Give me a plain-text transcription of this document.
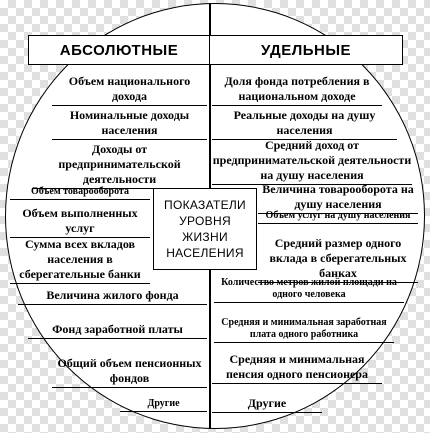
АБСОЛЮТНЫЕ	УДЕЛЬНЫЕ
Объем национального дохода
Номинальные доходы населения
Доходы от предпринимательской деятельности
Объем товарооборота
Объем выполненных услуг
Сумма всех вкладов населения в сберегательные банки
Величина жилого фонда
Фонд заработной платы
Общий объем пенсионных фондов
Другие
Доля фонда потребления в национальном доходе
Реальные доходы на душу населения
Средний доход от предпринимательской деятельности на душу населения
Величина товарооборота на душу населения
Объем услуг на душу населения
Средний размер одного вклада в сберегательных банках
Количество метров жилой площади на одного человека
Средняя и минимальная заработная плата одного работника
Средняя и минимальная пенсия одного пенсионера
Другие
ПОКАЗАТЕЛИ
УРОВНЯ
ЖИЗНИ
НАСЕЛЕНИЯ
